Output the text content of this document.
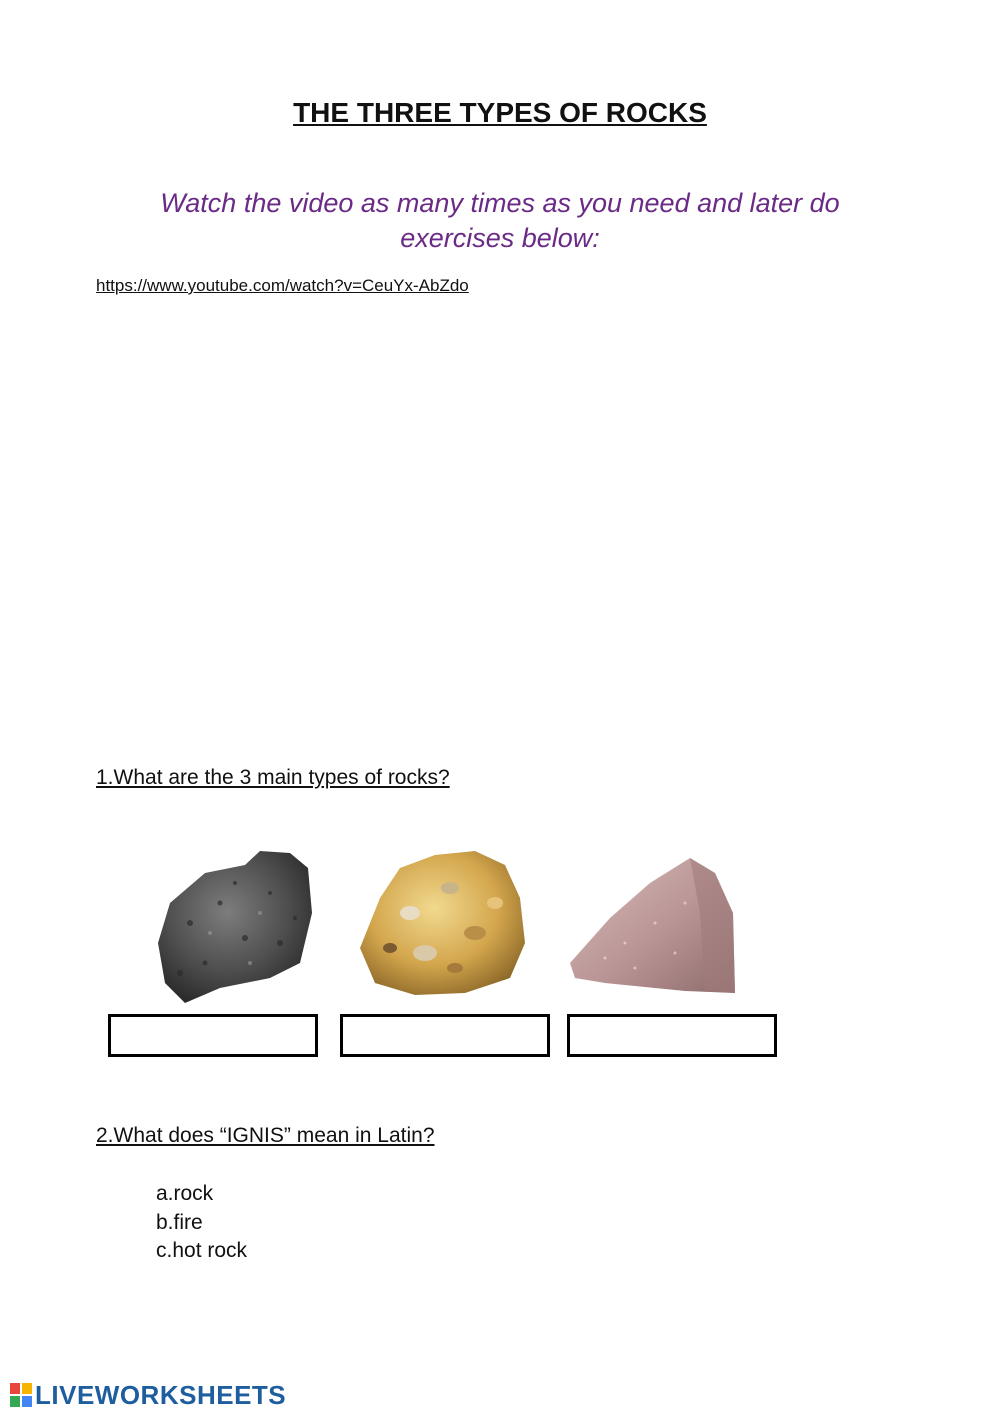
THE THREE TYPES OF ROCKS
Watch the video as many times as you need and later do exercises below:
https://www.youtube.com/watch?v=CeuYx-AbZdo
1.What are the 3 main types of rocks?
2.What does “IGNIS” mean in Latin?
a.rock
b.fire
c.hot rock
LIVEWORKSHEETS
